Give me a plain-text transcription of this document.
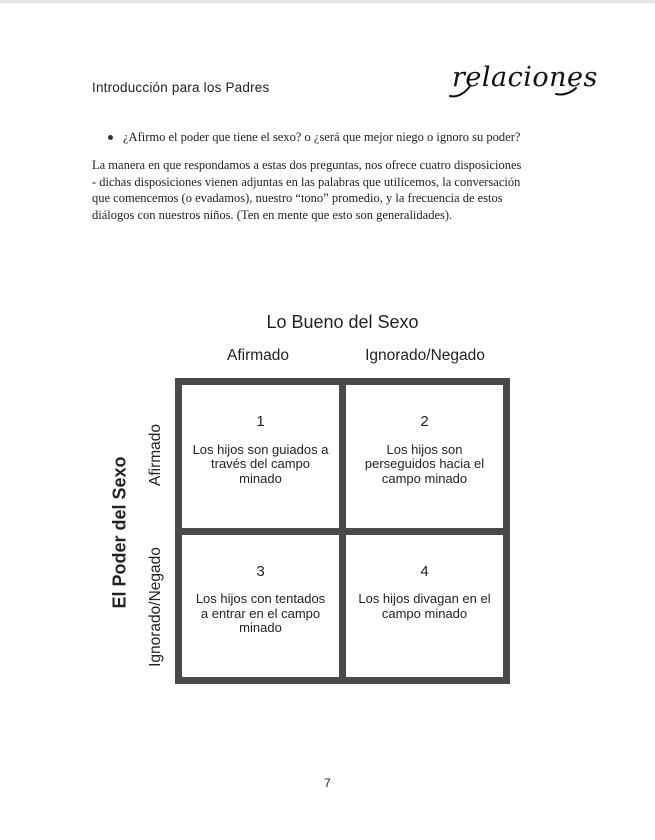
Introducción para los Padres	relaciones
¿Afirmo el poder que tiene el sexo? o ¿será que mejor niego o ignoro su poder?
La manera en que respondamos a estas dos preguntas, nos ofrece cuatro disposiciones
- dichas disposiciones vienen adjuntas en las palabras que utilicemos, la conversación
que comencemos (o evadamos), nuestro “tono” promedio, y la frecuencia de estos
diálogos con nuestros niños. (Ten en mente que esto son generalidades).
Lo Bueno del Sexo
Afirmado	Ignorado/Negado
El Poder del Sexo
Afirmado
Ignorado/Negado
1
Los hijos son guiados a través del campo minado
2
Los hijos son perseguidos hacia el campo minado
3
Los hijos con tentados a entrar en el campo minado
4
Los hijos divagan en el campo minado
7
